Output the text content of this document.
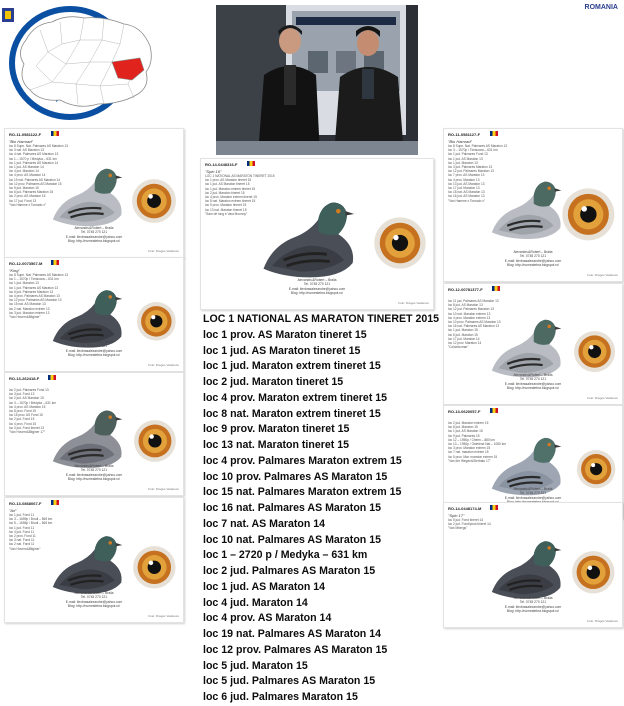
ROMANIA
RO-11-0581122-F
"Bio Hamrad"
loc 8 Supe. Nat. Palmares AS Maraton 13
loc 3 nat. AS Maraton 13
loc 4 nat. Palmares AS Maraton 13
loc 1 – 1570 p / Medyka – 631 km
loc 1 jud. Palmares AS Maraton 14
loc 1 jud. AS Maraton 14
loc 4 jud. Maraton 14
loc 4 prov. AS Maraton 14
loc 19 nat. Palmares AS Maraton 14
loc 12 prov. Palmares AS Maraton 15
loc 5 jud. Maraton 15
loc 6 jud. Palmares Maraton 15
loc 2 prov. AS Maraton 15
loc 17 jud. Fond 13
"Van Hamme x Tornado x"
Alexandru&Robert – Braila
Tel. 0745 270 121
E-mail: ilexbrasalexandre@yahoo.com
Blog: http://numealebra.blogspot.ro/
Foto: Dragos Vasilescu
RO-12-0073567-M
"King"
loc 8 Supe. Nat. Palmares AS Maraton 13
loc 1 – 1570p / Timisoara – 631 km
loc 1 jud. Maraton 13
loc 1 jud. Palmares AS Maraton 13
loc 6 jud. Palmares Maraton 13
loc 4 prov. Palmares AS Maraton 13
loc 12 prov. Palmares AS Maraton 13
loc 15 nat. AS Maraton 13
loc 2 nat. Maraton extrem 13
loc 3 jud. Maraton extrem 13
"Van Hovern&Bilginer"
Alexandru&Robert – Braila
Tel. 0745 270 121
E-mail: ilexbrasalexandre@yahoo.com
Blog: http://numealebra.blogspot.ro/
Foto: Dragos Vasilescu
RO-13-262418-F
loc 2 jud. Palmares Fond 13
loc 3 jud. Fond 13
loc 2 jud. AS Maraton 15
loc 3 – 1570p / Medyka – 631 km
loc 4 prov. AS Maraton 15
loc 8 prov. Fond 15
loc 15 prov. AS Fond 15
loc 2 jud. Fond 15
loc 4 prov. Fond 15
loc 3 jud. Fond tineret 13
"Van Hovern&Bilginer 17"
Alexandru&Robert – Braila
Tel. 0745 270 121
E-mail: ilexbrasalexandre@yahoo.com
Blog: http://numealebra.blogspot.ro/
Foto: Dragos Vasilescu
RO-13-0868067-F
"Ari"
loc 1 jud. Fond 11
loc 3 – 1659p / Brodi – 565 km
loc 5 – 1655p / Brodi – 565 km
loc 1 jud. Fond 11
loc 4 jud. Fond 11
loc 2 prov. Fond 11
loc 3 nat. Fond 11
loc 2 nat. Fond 11
"Van Hovern&Bilginer"
Alexandru&Robert – Braila
Tel. 0745 270 121
E-mail: ilexbrasalexandre@yahoo.com
Blog: http://numealebra.blogspot.ro/
Foto: Dragos Vasilescu
RO-11-0581127-F
"Bio Hamrad"
loc 8 Supe. Nat. Palmares AS Maraton 13
loc 3 – 1570p / Timisoara – 631 km
loc 1 jud. Palmares Fond 13
loc 1 jud. AS Maraton 13
loc 1 jud. Maraton 13
loc 3 jud. Palmares Maraton 13
loc 12 jud. Palmares Maraton 13
loc 7 prov. AS Maraton 13
loc 4 prov. Maraton 13
loc 13 jud. AS Maraton 13
loc 17 jud. Maraton 13
loc 18 nat. AS Maraton 13
loc 16 jud. AS Maraton 13
"Van Hamme x Tornado x"
Alexandru&Robert – Braila
Tel. 0745 270 121
E-mail: ilexbrasalexandre@yahoo.com
Blog: http://numealebra.blogspot.ro/
Foto: Dragos Vasilescu
RO-12-00781377-F
loc 11 jud. Palmares AS Maraton 13
loc 8 jud. AS Maraton 13
loc 12 jud. Palmares Maraton 13
loc 10 nat. Maraton extrem 13
loc 4 prov. Maraton extrem 13
loc 10 prov. Palmares AS Maraton 13
loc 16 nat. Palmares AS Maraton 13
loc 1 jud. Maraton 15
loc 6 jud. Maraton 15
loc 17 jud. Maraton 14
loc 12 prov. Maraton 14
"Colombomar"
Alexandru&Robert – Braila
Tel. 0745 270 121
E-mail: ilexbrasalexandre@yahoo.com
Blog: http://numealebra.blogspot.ro/
Foto: Dragos Vasilescu
RO-13-0620057-F
loc 2 jud. Maraton extrem 15
loc 8 jud. Maraton 15
loc 1 jud. AS Maraton 15
loc 9 jud. Palmares 15
loc 12 – 1950p / Chelm – 880 km
loc 13 – 1950p / Ostelend Nat – 1080 km
loc 3 prov. Maraton extrem 15
loc 7 nat. maraton extrem 15
loc 5 prov. Mar. maraton extrem 15
"Van der Wegen&Sterbatu 17"
Alexandru&Robert – Braila
Tel. 0745 270 121
E-mail: ilexbrasalexandre@yahoo.com
RO-14-0448174-M
"Spin 17"
loc 5 jud. Fond tineret 14
loc 2 jud. Fond/pivot tineret 14
"Van Mbergs"
Alexandru&Robert – Braila
Tel. 0745 270 121
E-mail: ilexbrasalexandre@yahoo.com
Blog: http://numealebra.blogspot.ro/
Foto: Dragos Vasilescu
RO-14-0448316-F
"Spin 16"
LOC 1 NATIONAL AS MARATON TINERET 2015
loc 1 prov. AS Maraton tineret 15
loc 1 jud. AS Maraton tineret 15
loc 1 jud. Maraton extrem tineret 15
loc 2 jud. Maraton tineret 15
loc 4 prov. Maraton extrem tineret 15
loc 8 nat. Maraton extrem tineret 15
loc 9 prov. Maraton tineret 15
loc 13 nat. Maraton tineret 15
"Sam de long e Vast Moonny"
Alexandru&Robert – Braila
Tel. 0745 270 121
E-mail: ilexbrasalexandre@yahoo.com
Blog: http://numealebra.blogspot.ro/
Foto: Dragos Vasilescu
LOC 1 NATIONAL AS MARATON TINERET 2015
loc 1 prov. AS Maraton tineret 15
loc 1 jud. AS Maraton tineret 15
loc 1 jud. Maraton extrem tineret 15
loc 2 jud. Maraton tineret 15
loc 4 prov. Maraton extrem tineret 15
loc 8 nat. Maraton extrem tineret 15
loc 9 prov. Maraton tineret 15
loc 13 nat. Maraton tineret 15
loc 4 prov. Palmares Maraton extrem 15
loc 10 prov. Palmares AS Maraton 15
loc 15 nat. Palmares Maraton extrem 15
loc 16 nat. Palmares AS Maraton 15
loc 7 nat. AS Maraton 14
loc 10 nat. Palmares AS Maraton 15
loc 1 – 2720 p / Medyka – 631 km
loc 2 jud. Palmares AS Maraton 15
loc 1 jud. AS Maraton 14
loc 4 jud. Maraton 14
loc 4 prov. AS Maraton 14
loc 19 nat. Palmares AS Maraton 14
loc 12 prov. Palmares AS Maraton 15
loc 5 jud. Maraton 15
loc 5 jud. Palmares AS Maraton 15
loc 6 jud. Palmares Maraton 15
